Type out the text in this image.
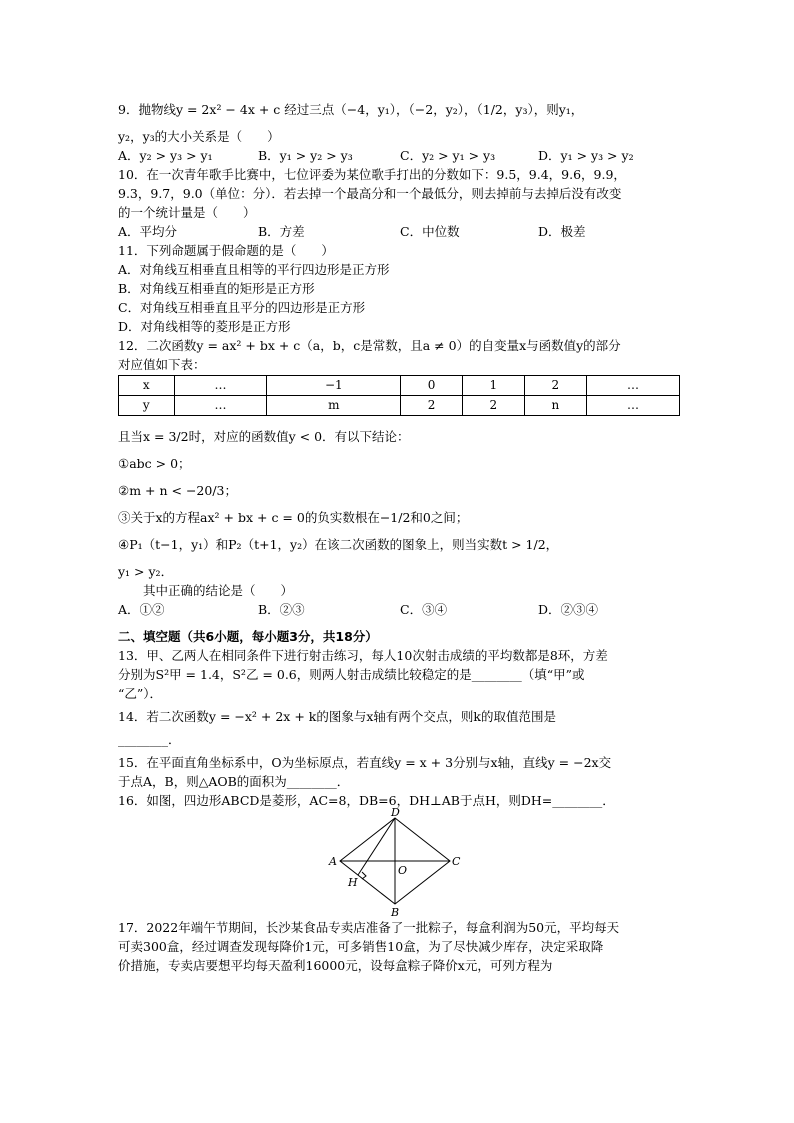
9．抛物线y = 2x² − 4x + c 经过三点（−4，y₁），（−2，y₂），（1/2，y₃），则y₁，
y₂，y₃的大小关系是（　　）
A．y₂ > y₃ > y₁	B．y₁ > y₂ > y₃	C．y₂ > y₁ > y₃	D．y₁ > y₃ > y₂
10．在一次青年歌手比赛中，七位评委为某位歌手打出的分数如下：9.5，9.4，9.6，9.9，
9.3，9.7，9.0（单位：分）．若去掉一个最高分和一个最低分，则去掉前与去掉后没有改变
的一个统计量是（　　）
A．平均分	B．方差	C．中位数	D．极差
11．下列命题属于假命题的是（　　）
A．对角线互相垂直且相等的平行四边形是正方形
B．对角线互相垂直的矩形是正方形
C．对角线互相垂直且平分的四边形是正方形
D．对角线相等的菱形是正方形
12．二次函数y = ax² + bx + c（a，b，c是常数，且a ≠ 0）的自变量x与函数值y的部分
对应值如下表：
x	…	−1	0	1	2	…
y	…	m	2	2	n	…
且当x = 3/2时，对应的函数值y < 0．有以下结论：
①abc > 0；
②m + n < −20/3；
③关于x的方程ax² + bx + c = 0的负实数根在−1/2和0之间；
④P₁（t−1，y₁）和P₂（t+1，y₂）在该二次函数的图象上，则当实数t > 1/2，
y₁ > y₂．
其中正确的结论是（　　）
A．①②	B．②③	C．③④	D．②③④
二、填空题（共6小题，每小题3分，共18分）
13．甲、乙两人在相同条件下进行射击练习，每人10次射击成绩的平均数都是8环，方差
分别为S²甲 = 1.4，S²乙 = 0.6，则两人射击成绩比较稳定的是________（填“甲”或
“乙”）．
14．若二次函数y = −x² + 2x + k的图象与x轴有两个交点，则k的取值范围是
________．
15．在平面直角坐标系中，O为坐标原点，若直线y = x + 3分别与x轴，直线y = −2x交
于点A，B，则△AOB的面积为________．
16．如图，四边形ABCD是菱形，AC=8，DB=6，DH⊥AB于点H，则DH=________．
A	C
D
B
H
O
17．2022年端午节期间，长沙某食品专卖店准备了一批粽子，每盒利润为50元，平均每天
可卖300盒，经过调查发现每降价1元，可多销售10盒，为了尽快减少库存，决定采取降
价措施，专卖店要想平均每天盈利16000元，设每盒粽子降价x元，可列方程为
